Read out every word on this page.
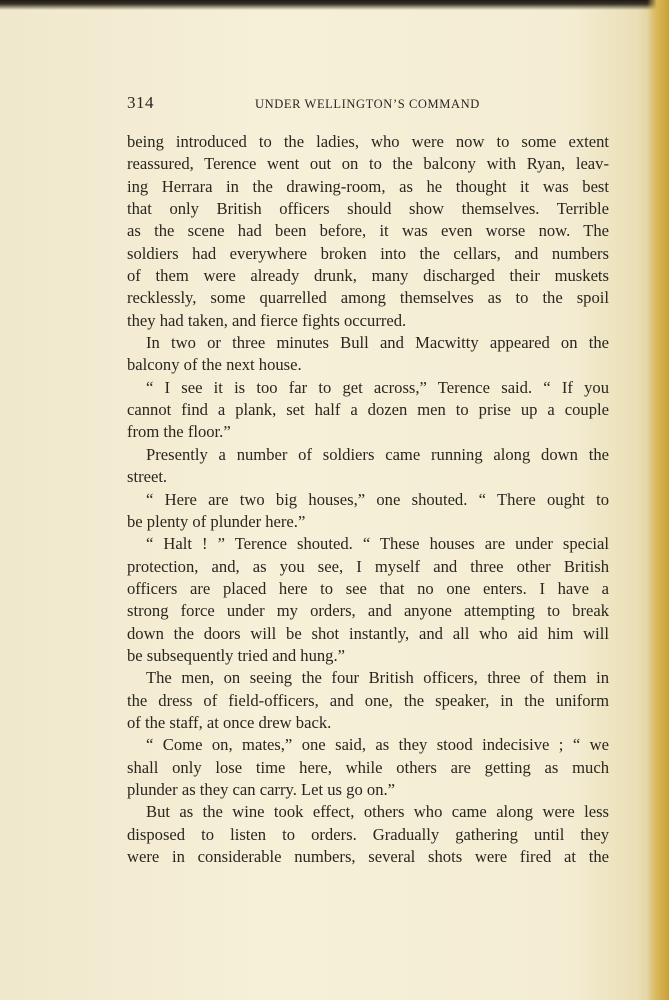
314	UNDER WELLINGTON’S COMMAND
being introduced to the ladies, who were now to some extent
reassured, Terence went out on to the balcony with Ryan, leav-
ing Herrara in the drawing-room, as he thought it was best
that only British officers should show themselves. Terrible
as the scene had been before, it was even worse now. The
soldiers had everywhere broken into the cellars, and numbers
of them were already drunk, many discharged their muskets
recklessly, some quarrelled among themselves as to the spoil
they had taken, and fierce fights occurred.
In two or three minutes Bull and Macwitty appeared on the
balcony of the next house.
“ I see it is too far to get across,” Terence said. “ If you
cannot find a plank, set half a dozen men to prise up a couple
from the floor.”
Presently a number of soldiers came running along down the
street.
“ Here are two big houses,” one shouted. “ There ought to
be plenty of plunder here.”
“ Halt ! ” Terence shouted. “ These houses are under special
protection, and, as you see, I myself and three other British
officers are placed here to see that no one enters. I have a
strong force under my orders, and anyone attempting to break
down the doors will be shot instantly, and all who aid him will
be subsequently tried and hung.”
The men, on seeing the four British officers, three of them in
the dress of field-officers, and one, the speaker, in the uniform
of the staff, at once drew back.
“ Come on, mates,” one said, as they stood indecisive ; “ we
shall only lose time here, while others are getting as much
plunder as they can carry. Let us go on.”
But as the wine took effect, others who came along were less
disposed to listen to orders. Gradually gathering until they
were in considerable numbers, several shots were fired at the
